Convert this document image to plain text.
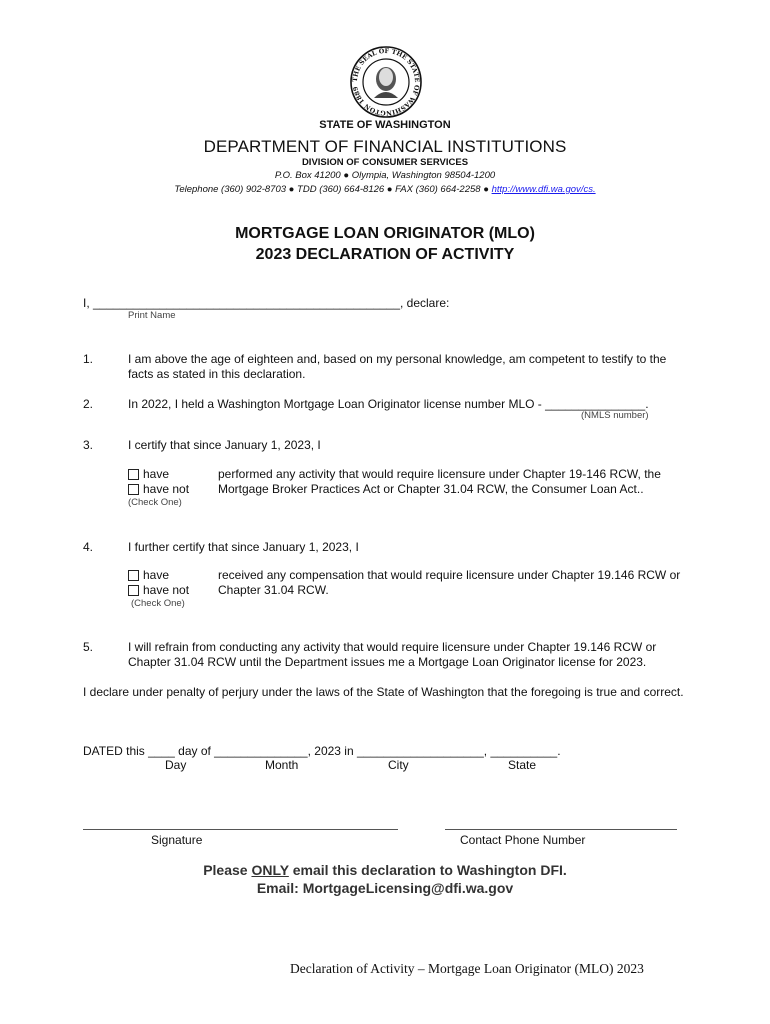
THE SEAL OF THE STATE OF WASHINGTON 1889
STATE OF WASHINGTON
DEPARTMENT OF FINANCIAL INSTITUTIONS
DIVISION OF CONSUMER SERVICES
P.O. Box 41200 ● Olympia, Washington 98504-1200
Telephone (360) 902-8703 ● TDD (360) 664-8126 ● FAX (360) 664-2258 ● http://www.dfi.wa.gov/cs.
MORTGAGE LOAN ORIGINATOR (MLO)
2023 DECLARATION OF ACTIVITY
I, ______________________________________________, declare:
Print Name
1.	I am above the age of eighteen and, based on my personal knowledge, am competent to testify to the facts as stated in this declaration.
2.	In 2022, I held a Washington Mortgage Loan Originator license number MLO - _______________.
(NMLS number)
3.	I certify that since January 1, 2023, I
have
have not
(Check One)
performed any activity that would require licensure under Chapter 19-146 RCW, the Mortgage Broker Practices Act or Chapter 31.04 RCW, the Consumer Loan Act..
4.	I further certify that since January 1, 2023, I
have
have not
(Check One)
received any compensation that would require licensure under Chapter 19.146 RCW or Chapter 31.04 RCW.
5.	I will refrain from conducting any activity that would require licensure under Chapter 19.146 RCW or Chapter 31.04 RCW until the Department issues me a Mortgage Loan Originator license for 2023.
I declare under penalty of perjury under the laws of the State of Washington that the foregoing is true and correct.
DATED this ____ day of ______________, 2023 in ___________________, __________.
Day	Month	City	State
Signature	Contact Phone Number
Please ONLY email this declaration to Washington DFI.
Email: MortgageLicensing@dfi.wa.gov
Declaration of Activity – Mortgage Loan Originator (MLO) 2023
